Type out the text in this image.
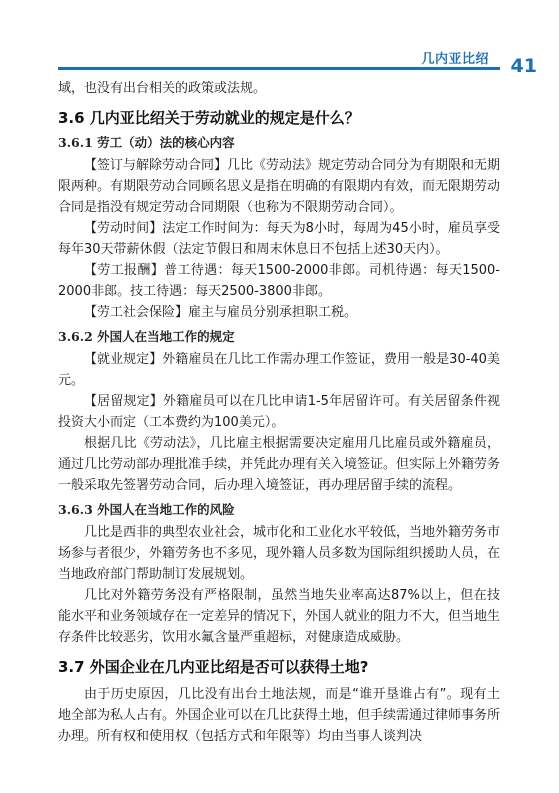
几内亚比绍 41

域，也没有出台相关的政策或法规。

3.6 几内亚比绍关于劳动就业的规定是什么？
3.6.1 劳工（动）法的核心内容

【签订与解除劳动合同】几比《劳动法》规定劳动合同分为有期限和无期限两种。有期限劳动合同顾名思义是指在明确的有限期内有效，而无限期劳动合同是指没有规定劳动合同期限（也称为不限期劳动合同）。

【劳动时间】法定工作时间为：每天为8小时，每周为45小时，雇员享受每年30天带薪休假（法定节假日和周末休息日不包括上述30天内）。

【劳工报酬】普工待遇：每天1500-2000非郎。司机待遇：每天1500-2000非郎。技工待遇：每天2500-3800非郎。

【劳工社会保险】雇主与雇员分别承担职工税。

3.6.2 外国人在当地工作的规定

【就业规定】外籍雇员在几比工作需办理工作签证，费用一般是30-40美元。

【居留规定】外籍雇员可以在几比申请1-5年居留许可。有关居留条件视投资大小而定（工本费约为100美元）。

根据几比《劳动法》，几比雇主根据需要决定雇用几比雇员或外籍雇员，通过几比劳动部办理批准手续，并凭此办理有关入境签证。但实际上外籍劳务一般采取先签署劳动合同，后办理入境签证，再办理居留手续的流程。

3.6.3 外国人在当地工作的风险

几比是西非的典型农业社会，城市化和工业化水平较低，当地外籍劳务市场参与者很少，外籍劳务也不多见，现外籍人员多数为国际组织援助人员，在当地政府部门帮助制订发展规划。

几比对外籍劳务没有严格限制，虽然当地失业率高达87%以上，但在技能水平和业务领域存在一定差异的情况下，外国人就业的阻力不大，但当地生存条件比较恶劣，饮用水氟含量严重超标，对健康造成威胁。

3.7 外国企业在几内亚比绍是否可以获得土地?

由于历史原因，几比没有出台土地法规，而是“谁开垦谁占有”。现有土地全部为私人占有。外国企业可以在几比获得土地，但手续需通过律师事务所办理。所有权和使用权（包括方式和年限等）均由当事人谈判决
